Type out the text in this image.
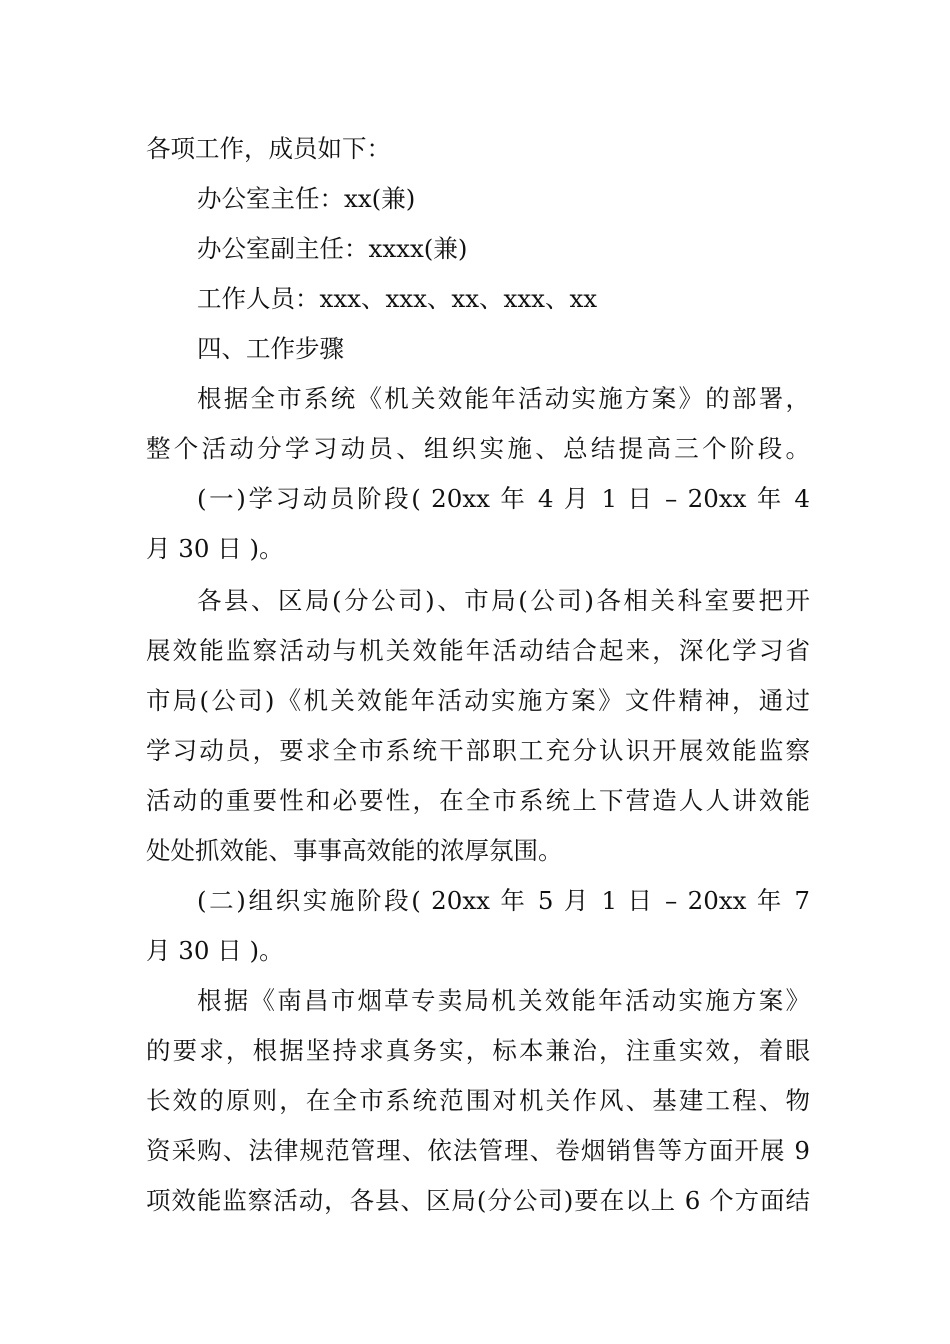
各项工作，成员如下：
办公室主任：xx(兼)
办公室副主任：xxxx(兼)
工作人员：xxx、xxx、xx、xxx、xx
四、工作步骤
根据全市系统《机关效能年活动实施方案》的部署，
整个活动分学习动员、组织实施、总结提高三个阶段。
(一)学习动员阶段( 20xx 年 4 月 1 日 – 20xx 年 4
月 30 日 )。
各县、区局(分公司)、市局(公司)各相关科室要把开
展效能监察活动与机关效能年活动结合起来，深化学习省
市局(公司)《机关效能年活动实施方案》文件精神，通过
学习动员，要求全市系统干部职工充分认识开展效能监察
活动的重要性和必要性，在全市系统上下营造人人讲效能
处处抓效能、事事高效能的浓厚氛围。
(二)组织实施阶段( 20xx 年 5 月 1 日 – 20xx 年 7
月 30 日 )。
根据《南昌市烟草专卖局机关效能年活动实施方案》
的要求，根据坚持求真务实，标本兼治，注重实效，着眼
长效的原则，在全市系统范围对机关作风、基建工程、物
资采购、法律规范管理、依法管理、卷烟销售等方面开展 9
项效能监察活动，各县、区局(分公司)要在以上 6 个方面结
